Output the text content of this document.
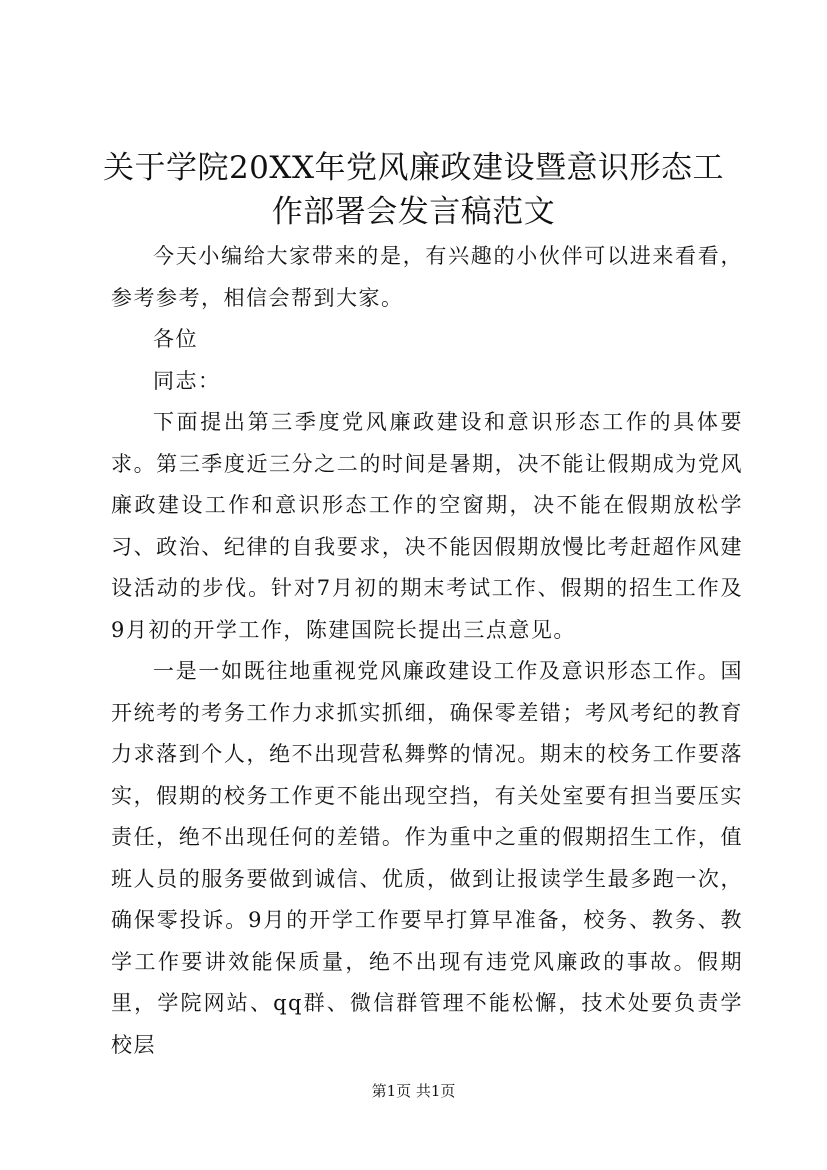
关于学院20XX年党风廉政建设暨意识形态工
作部署会发言稿范文

今天小编给大家带来的是，有兴趣的小伙伴可以进来看看，参考参考，相信会帮到大家。

各位

同志：

下面提出第三季度党风廉政建设和意识形态工作的具体要求。第三季度近三分之二的时间是暑期，决不能让假期成为党风廉政建设工作和意识形态工作的空窗期，决不能在假期放松学习、政治、纪律的自我要求，决不能因假期放慢比考赶超作风建设活动的步伐。针对7月初的期末考试工作、假期的招生工作及9月初的开学工作，陈建国院长提出三点意见。

一是一如既往地重视党风廉政建设工作及意识形态工作。国开统考的考务工作力求抓实抓细，确保零差错；考风考纪的教育力求落到个人，绝不出现营私舞弊的情况。期末的校务工作要落实，假期的校务工作更不能出现空挡，有关处室要有担当要压实责任，绝不出现任何的差错。作为重中之重的假期招生工作，值班人员的服务要做到诚信、优质，做到让报读学生最多跑一次，确保零投诉。9月的开学工作要早打算早准备，校务、教务、教学工作要讲效能保质量，绝不出现有违党风廉政的事故。假期里，学院网站、qq群、微信群管理不能松懈，技术处要负责学校层

第1页 共1页
